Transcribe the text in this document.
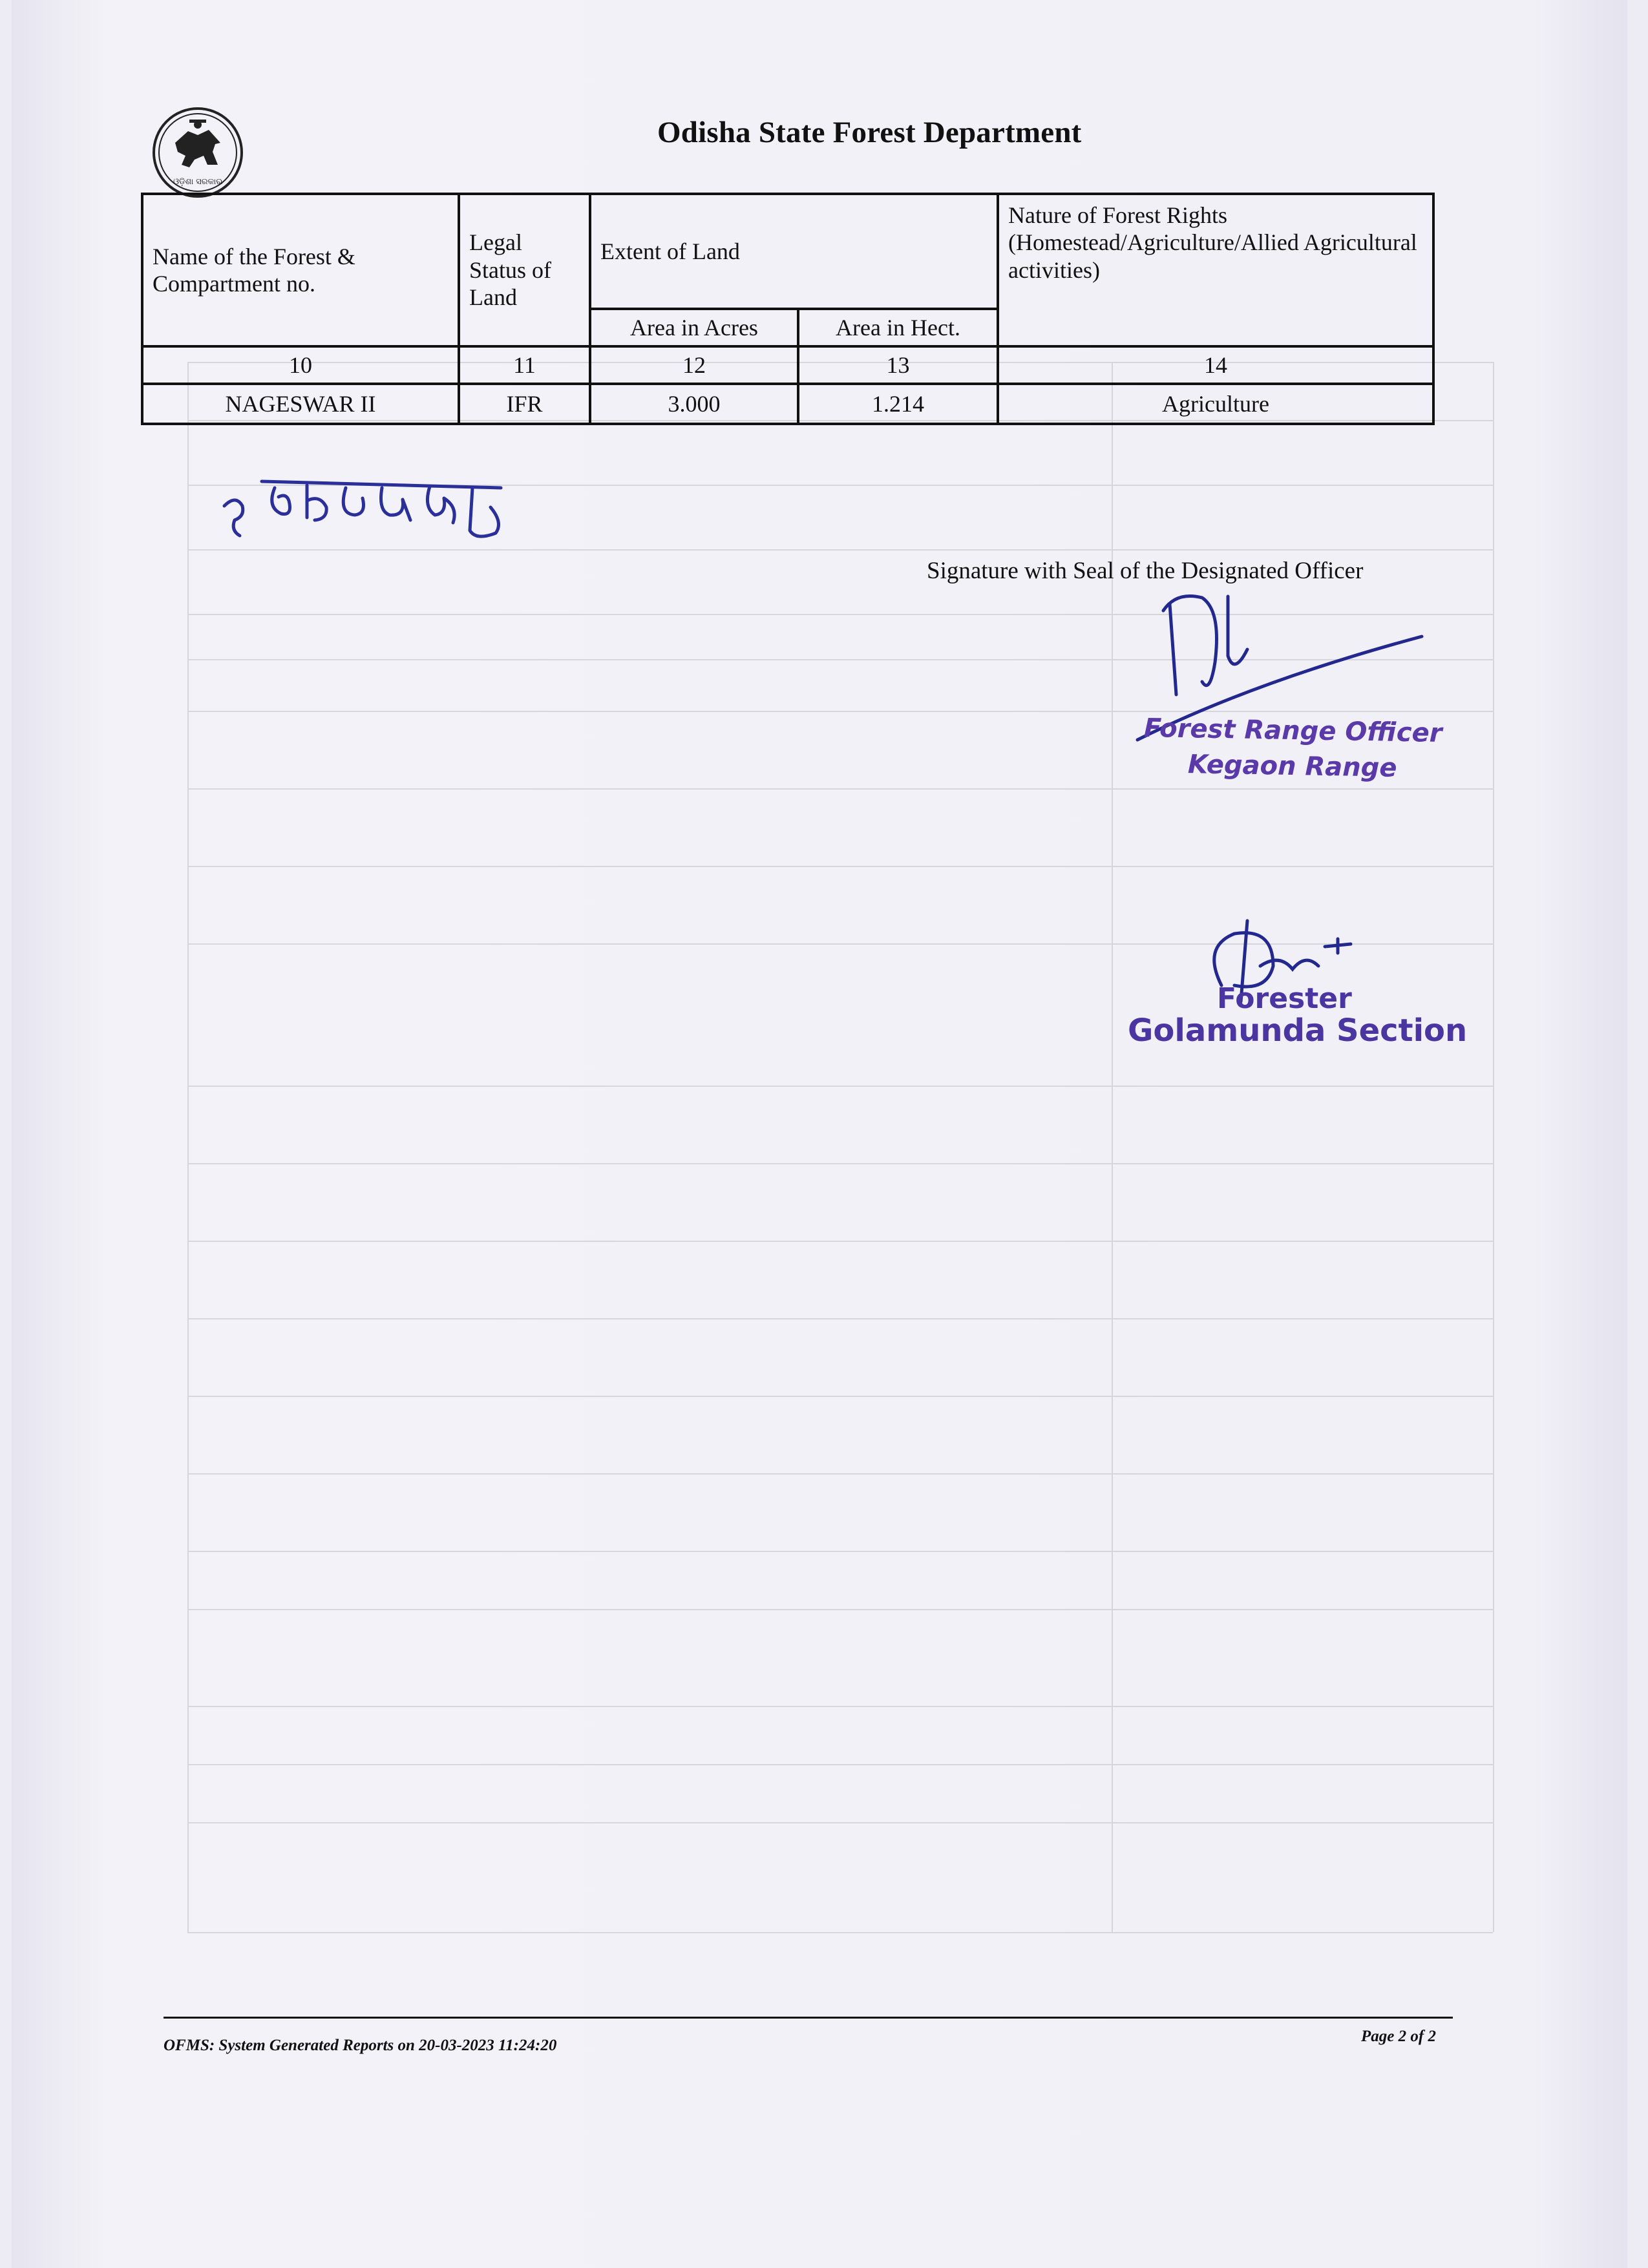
ଓଡ଼ିଶା ସରକାର
Odisha State Forest Department
Name of the Forest & Compartment no.	Legal Status of Land	Extent of Land		Nature of Forest Rights (Homestead/Agriculture/Allied Agricultural activities)
		Area in Acres	Area in Hect.	
10	11	12	13	14
NAGESWAR II	IFR	3.000	1.214	Agriculture
Signature with Seal of the Designated Officer
Forest Range Officer
Kegaon Range
Forester
Golamunda Section
OFMS: System Generated Reports on 20-03-2023 11:24:20
Page 2 of 2
